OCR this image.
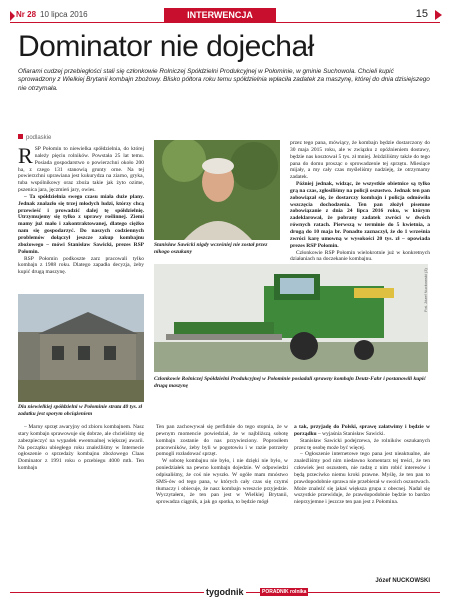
Nr 28 10 lipca 2016	INTERWENCJA	15
Dominator nie dojechał
Ofiarami cudzej przebiegłości stali się członkowie Rolniczej Spółdzielni Produkcyjnej w Połominie, w gminie Suchowola. Chcieli kupić sprowadzony z Wielkiej Brytanii kombajn zbożowy. Blisko półtora roku temu spółdzielnia wpłaciła zadatek za maszynę, której do dnia dzisiejszego nie otrzymała.
podlaskie

RSP Połomin to niewielka spółdzielnia, do której należy pięciu rolników. Powstała 25 lat temu. Posiada gospodarstwo o powierzchni około 200 ha, z czego 131 stanowią grunty orne. Na tej powierzchni uprawiana jest kukurydza na ziarno, gryka, tuba wspólnikowy oraz zboża takie jak żyto ozime, pszenica jara, jęczmień jary, owies.

– Ta spółdzielnia swego czasu miała duże plany. Jednak znalazło się trzej młodych ludzi, którzy chcą przewieść i prowadzić dalej tę spółdzielnię. Utrzymujemy się tylko z uprawy roślinnej. Ziemi mamy już mało i zakontraktowanej, dlatego ciężko nam się gospodarzyć. Do naszych codziennych problemów dołączył jeszcze zakup kombajnu zbożowego – mówi Stanisław Sawicki, prezes RSP Połomin.

RSP Połomin podkoszte zarz pracowali tylko kombajn z 1988 roku. Dlatego zapadła decyzja, żeby kupić drugą maszynę.

Dla niewielkiej spółdzielni w Połominie strata 40 tys. zł zadatku jest sporym obciążeniem

– Marny sprzęt awaryjny od zbioru kombajnem. Nasz stary kombajn sprawowuje się dobrze, ale chcieliśmy się zabezpieczyć na wypadek ewentualnej większej awarii. Na początku ubiegłego roku znaleźliśmy w Internecie ogłoszenie o sprzedaży kombajnu zbożowego Claas Dominator z 1991 roku o przebiegu 4000 mth. Ten kombajn

Stanisław Sawicki nigdy wcześniej nie został przez nikogo oszukany

przez tego pana, mówiący, że kombajn będzie dostarczony do 30 maja 2015 roku, ale w związku z opóźnieniem dostawy, będzie nas kosztował 5 tys. zł mniej. Jeżdziliśmy także do tego pana do domu prosząc o sprowadzenie tej sprzętu. Miesiące mijały, a my cały czas myśleliśmy nadzieję, że otrzymamy zadatek.

Później jednak, widząc, że wszystkie obietnice są tylko grą na czas, zgłosiliśmy na policji oszustwo. Jednak ten pan zobowiązał się, że dostarczy kombajn i policja odmówiła wszczęcia dochodzenia. Ten pan złożył pisemne zobowiązanie z dnia 24 lipca 2016 roku, w którym zadeklarował, że pobrany zadatek zwróci w dwóch równych ratach. Pierwszą w terminie do 5 kwietnia, a drugą do 10 maja br. Ponadto zaznaczył, że do 1 września zwróci karę umowną w wysokości 20 tys. zł – opowiada prezes RSP Połomin.

Członkowie RSP Połomin wielokrotnie już w konkretnych działaniach na doczekanie kombajnu.

Fot. Józef Nuckowski (3)
Członkowie Rolniczej Spółdzielni Produkcyjnej w Połominie posiadali sprawny kombajn Deutz-Fahr i postanowili kupić drugą maszynę

Ten pan zachowywał się perfidnie do tego stopnia, że w pewnym momencie powiedział, że w najbliższą sobotę kombajn zostanie do nas przywieziony. Poprosiłem pracowników, żeby byli w pogotowiu i w razie potrzeby pomogli rozładować sprzęt.

W sobotę kombajnu nie było, i nie dzięki nie było, w poniedziałek na pewno kombajn dojedzie. W odpowiedzi odpisaliśmy, że coś nie wyszło. W ogóle mam mnóstwo SMS-ów od tego pana, w których cały czas się czymś tłumaczy i obiecuje, że nasz kombajn wreszcie przyjedzie. Wyczytałem, że ten pan jest w Wielkiej Brytanii, sprowadza ciągnik, a jak go spotka, to będzie mógł

a tak, przyjadę do Polski, sprawę załatwimy i będzie w porządku – wyjaśnia Stanisław Sawicki.

Stanisław Sawicki podejrzewa, że rolników oszukanych przez tę osobę może być więcej.

– Ogłoszenie internetowe tego pana jest nieaktualne, ale znaleźliśmy pod nim niedawno komentarz tej treści, że ten człowiek jest oszustem, nie radzę z nim robić interesów i będą przeciwko niemu kroki prawne. Myślę, że ten pan to prawdopodobnie sprawa nie przebierał w swoich oszustwach. Może znaleźć się jakaś większa grupa z obecnej. Nadal się wszystkie przewiduje, że prawdopodobnie będzie to bardzo nieprzyjemne i jeszcze ten pan jest z Połomina.

Józef NUCKOWSKI
tygodnik	PORADNIK rolnika
